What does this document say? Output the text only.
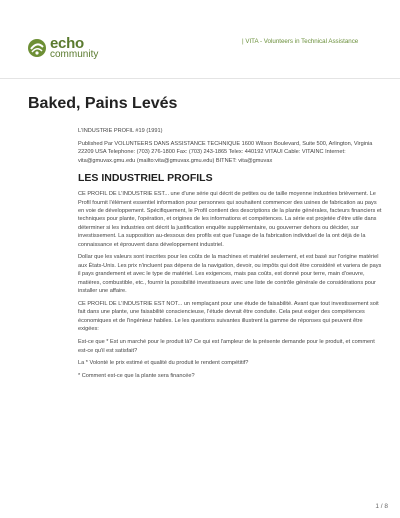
echo
community
| VITA - Volunteers in Technical Assistance
Baked, Pains Levés

L'INDUSTRIE PROFIL #19 (1991)

Published Par VOLUNTEERS DANS ASSISTANCE TECHNIQUE 1600 Wilson Boulevard, Suite 500, Arlington, Virginia 22209 USA Telephone: (703) 276-1800 Fax: (703) 243-1865 Telex: 440192 VITAUI Cable: VITAINC Internet: vita@gmuvax.gmu.edu (mailto:vita@gmuvax.gmu.edu) BITNET: vita@gmuvax

LES INDUSTRIEL PROFILS

CE PROFIL DE L'INDUSTRIE EST... une d'une série qui décrit de petites ou de taille moyenne industries brièvement. Le Profil fournit l'élément essentiel information pour personnes qui souhaitent commencer des usines de fabrication au pays en voie de développement. Spécifiquement, le Profil contient des descriptions de la plante générales, facteurs financiers et techniques pour plante, l'opération, et origines de les informations et compétences. La série est projetée d'être utile dans déterminer si les industries ont décrit la justification enquête supplémentaire, ou gouverner dehors ou décider, sur investissement. La supposition au-dessous des profils est que l'usage de la fabrication individuel de la ont déjà de la connaissance et éprouvent dans développement industriel.

Dollar que les valeurs sont inscrites pour les coûts de la machines et matériel seulement, et est basé sur l'origine matériel aux États-Unis. Les prix n'incluent pas dépens de la navigation, devoir, ou impôts qui doit être considéré et variera de pays il pays grandement et avec le type de matériel. Les exigences, mais pas coûts, est donné pour terre, main d'oeuvre, matières, combustible, etc., fournir la possibilité investisseurs avec une liste de contrôle générale de considérations pour installer une affaire.

CE PROFIL DE L'INDUSTRIE EST NOT... un remplaçant pour une étude de faisabilité. Avant que tout investissement soit fait dans une plante, une faisabilité consciencieuse, l'étude devrait être conduite. Cela peut exiger des compétences économiques et de l'ingénieur habiles. Le les questions suivantes illustrent la gamme de réponses qui peuvent être exigées:

Est-ce que * Est un marché pour le produit là? Ce qui est l'ampleur de la présente demande pour le produit, et comment est-ce qu'il est satisfait?

La * Volonté le prix estimé et qualité du produit le rendent compétitif?

* Comment est-ce que la plante sera financée?

1 / 8
